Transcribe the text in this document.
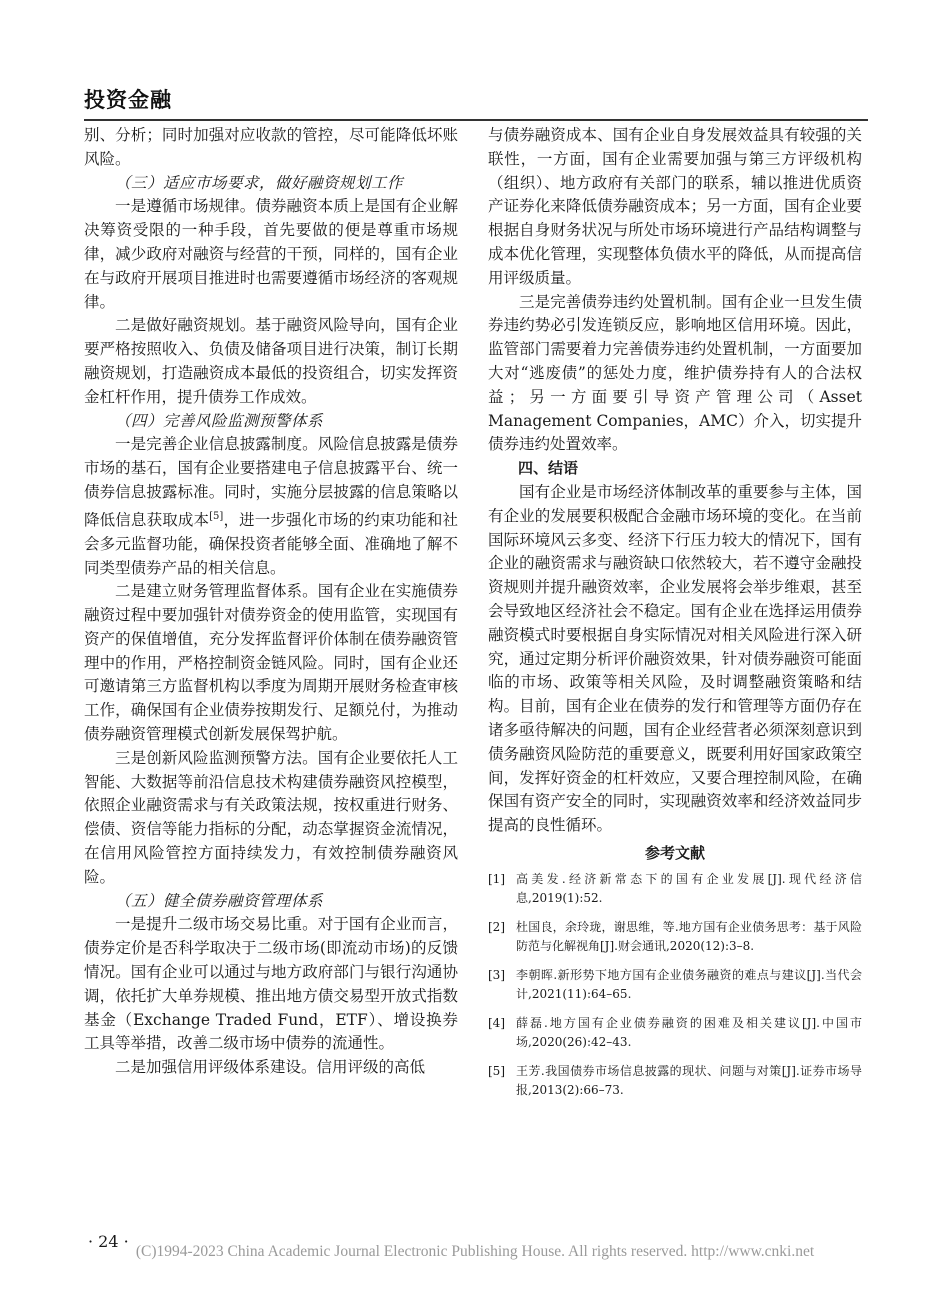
投资金融

别、分析；同时加强对应收款的管控，尽可能降低坏账风险。

（三）适应市场要求，做好融资规划工作

一是遵循市场规律。债券融资本质上是国有企业解决筹资受限的一种手段，首先要做的便是尊重市场规律，减少政府对融资与经营的干预，同样的，国有企业在与政府开展项目推进时也需要遵循市场经济的客观规律。

二是做好融资规划。基于融资风险导向，国有企业要严格按照收入、负债及储备项目进行决策，制订长期融资规划，打造融资成本最低的投资组合，切实发挥资金杠杆作用，提升债券工作成效。

（四）完善风险监测预警体系

一是完善企业信息披露制度。风险信息披露是债券市场的基石，国有企业要搭建电子信息披露平台、统一债券信息披露标准。同时，实施分层披露的信息策略以降低信息获取成本[5]，进一步强化市场的约束功能和社会多元监督功能，确保投资者能够全面、准确地了解不同类型债券产品的相关信息。

二是建立财务管理监督体系。国有企业在实施债券融资过程中要加强针对债券资金的使用监管，实现国有资产的保值增值，充分发挥监督评价体制在债券融资管理中的作用，严格控制资金链风险。同时，国有企业还可邀请第三方监督机构以季度为周期开展财务检查审核工作，确保国有企业债券按期发行、足额兑付，为推动债券融资管理模式创新发展保驾护航。

三是创新风险监测预警方法。国有企业要依托人工智能、大数据等前沿信息技术构建债券融资风控模型，依照企业融资需求与有关政策法规，按权重进行财务、偿债、资信等能力指标的分配，动态掌握资金流情况，在信用风险管控方面持续发力，有效控制债券融资风险。

（五）健全债券融资管理体系

一是提升二级市场交易比重。对于国有企业而言，债券定价是否科学取决于二级市场(即流动市场)的反馈情况。国有企业可以通过与地方政府部门与银行沟通协调，依托扩大单券规模、推出地方债交易型开放式指数基金（Exchange Traded Fund，ETF）、增设换券工具等举措，改善二级市场中债券的流通性。

二是加强信用评级体系建设。信用评级的高低

与债券融资成本、国有企业自身发展效益具有较强的关联性，一方面，国有企业需要加强与第三方评级机构（组织）、地方政府有关部门的联系，辅以推进优质资产证券化来降低债券融资成本；另一方面，国有企业要根据自身财务状况与所处市场环境进行产品结构调整与成本优化管理，实现整体负债水平的降低，从而提高信用评级质量。

三是完善债券违约处置机制。国有企业一旦发生债券违约势必引发连锁反应，影响地区信用环境。因此，监管部门需要着力完善债券违约处置机制，一方面要加大对“逃废债”的惩处力度，维护债券持有人的合法权益；另一方面要引导资产管理公司（Asset Management Companies，AMC）介入，切实提升债券违约处置效率。

四、结语

国有企业是市场经济体制改革的重要参与主体，国有企业的发展要积极配合金融市场环境的变化。在当前国际环境风云多变、经济下行压力较大的情况下，国有企业的融资需求与融资缺口依然较大，若不遵守金融投资规则并提升融资效率，企业发展将会举步维艰，甚至会导致地区经济社会不稳定。国有企业在选择运用债券融资模式时要根据自身实际情况对相关风险进行深入研究，通过定期分析评价融资效果，针对债券融资可能面临的市场、政策等相关风险，及时调整融资策略和结构。目前，国有企业在债券的发行和管理等方面仍存在诸多亟待解决的问题，国有企业经营者必须深刻意识到债务融资风险防范的重要意义，既要利用好国家政策空间，发挥好资金的杠杆效应，又要合理控制风险，在确保国有资产安全的同时，实现融资效率和经济效益同步提高的良性循环。

参考文献
[1] 高美发.经济新常态下的国有企业发展[J].现代经济信息,2019(1):52.
[2] 杜国良，余玲珑，谢思维，等.地方国有企业债务思考：基于风险防范与化解视角[J].财会通讯,2020(12):3–8.
[3] 李朝晖.新形势下地方国有企业债务融资的难点与建议[J].当代会计,2021(11):64–65.
[4] 薛磊.地方国有企业债券融资的困难及相关建议[J].中国市场,2020(26):42–43.
[5] 王芳.我国债券市场信息披露的现状、问题与对策[J].证券市场导报,2013(2):66–73.
· 24 ·
(C)1994-2023 China Academic Journal Electronic Publishing House. All rights reserved. http://www.cnki.net
